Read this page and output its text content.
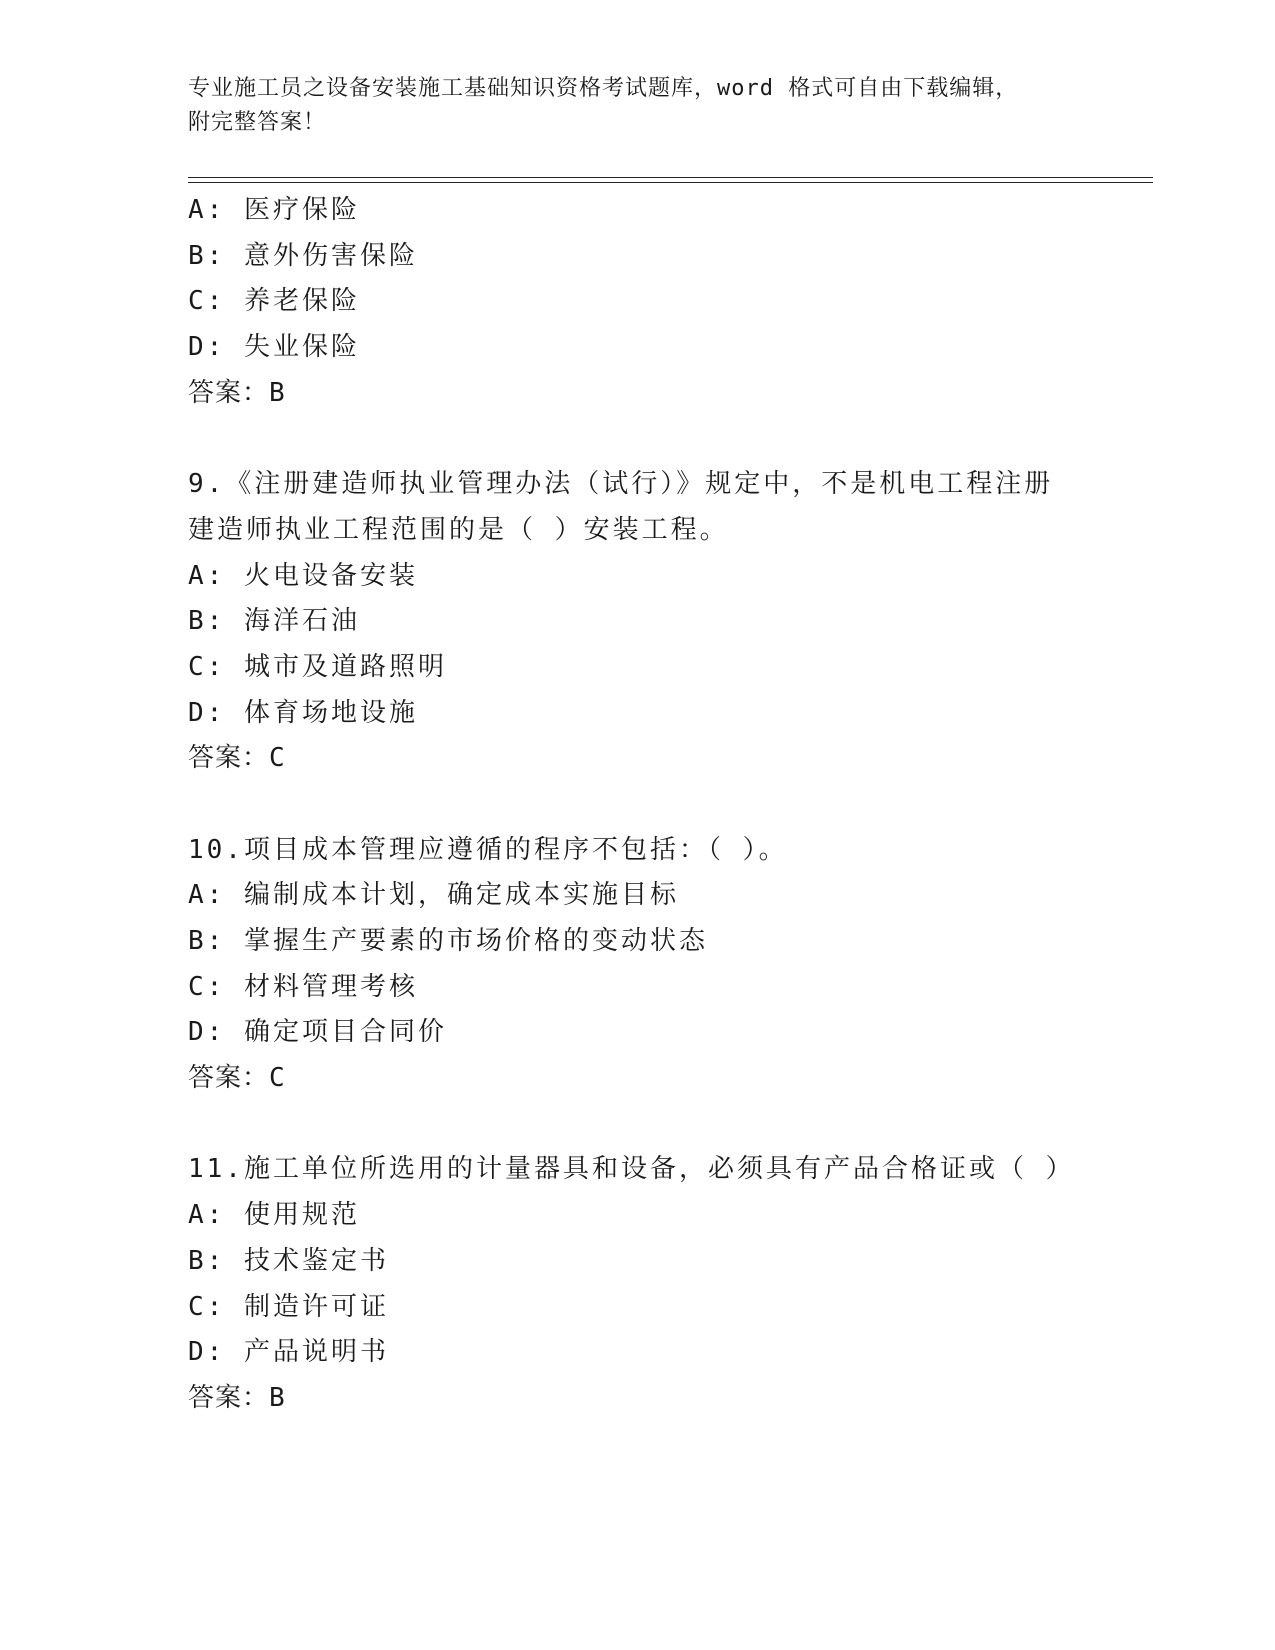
专业施工员之设备安装施工基础知识资格考试题库，word 格式可自由下载编辑，
附完整答案！
A: 医疗保险
B: 意外伤害保险
C: 养老保险
D: 失业保险
答案：B
9.《注册建造师执业管理办法（试行）》规定中，不是机电工程注册
建造师执业工程范围的是（ ）安装工程。
A: 火电设备安装
B: 海洋石油
C: 城市及道路照明
D: 体育场地设施
答案：C
10.项目成本管理应遵循的程序不包括：（ ）。
A: 编制成本计划，确定成本实施目标
B: 掌握生产要素的市场价格的变动状态
C: 材料管理考核
D: 确定项目合同价
答案：C
11.施工单位所选用的计量器具和设备，必须具有产品合格证或（ ）
A: 使用规范
B: 技术鉴定书
C: 制造许可证
D: 产品说明书
答案：B
